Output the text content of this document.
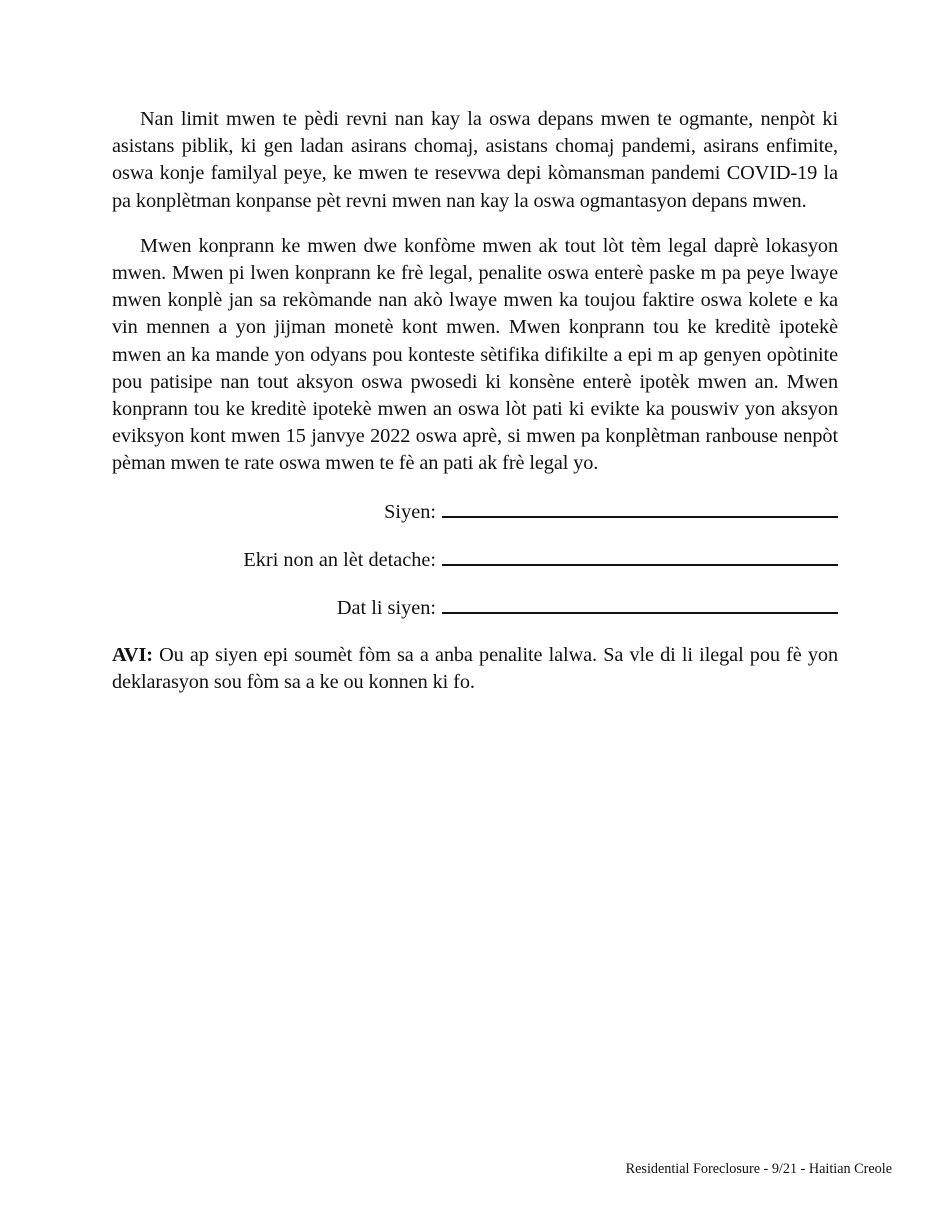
Nan limit mwen te pèdi revni nan kay la oswa depans mwen te ogmante, nenpòt ki asistans piblik, ki gen ladan asirans chomaj, asistans chomaj pandemi, asirans enfimite, oswa konje familyal peye, ke mwen te resevwa depi kòmansman pandemi COVID-19 la pa konplètman konpanse pèt revni mwen nan kay la oswa ogmantasyon depans mwen.

Mwen konprann ke mwen dwe konfòme mwen ak tout lòt tèm legal daprè lokasyon mwen. Mwen pi lwen konprann ke frè legal, penalite oswa enterè paske m pa peye lwaye mwen konplè jan sa rekòmande nan akò lwaye mwen ka toujou faktire oswa kolete e ka vin mennen a yon jijman monetè kont mwen. Mwen konprann tou ke kreditè ipotekè mwen an ka mande yon odyans pou konteste sètifika difikilte a epi m ap genyen opòtinite pou patisipe nan tout aksyon oswa pwosedi ki konsène enterè ipotèk mwen an. Mwen konprann tou ke kreditè ipotekè mwen an oswa lòt pati ki evikte ka pouswiv yon aksyon eviksyon kont mwen 15 janvye 2022 oswa aprè, si mwen pa konplètman ranbouse nenpòt pèman mwen te rate oswa mwen te fè an pati ak frè legal yo.

Siyen:
Ekri non an lèt detache:
Dat li siyen:

AVI: Ou ap siyen epi soumèt fòm sa a anba penalite lalwa. Sa vle di li ilegal pou fè yon deklarasyon sou fòm sa a ke ou konnen ki fo.

Residential Foreclosure - 9/21 - Haitian Creole
